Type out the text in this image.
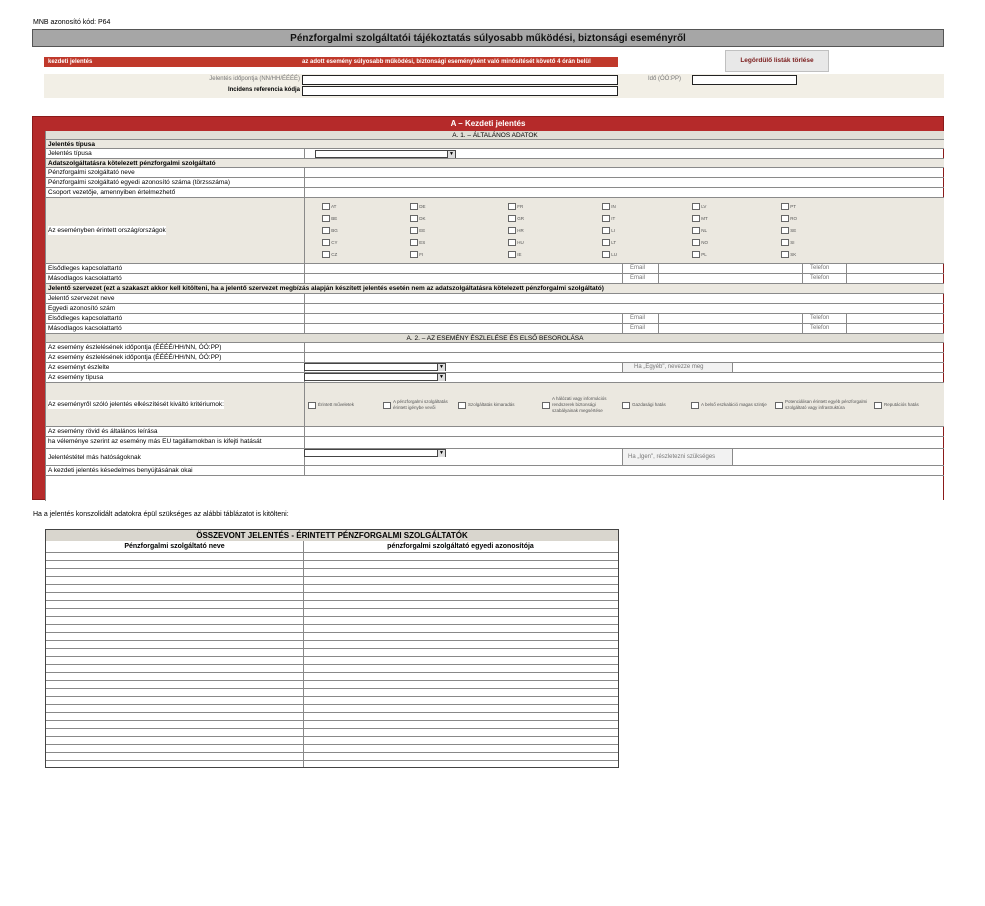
MNB azonosító kód: P64
Pénzforgalmi szolgáltatói tájékoztatás súlyosabb működési, biztonsági eseményről
kezdeti jelentés	az adott esemény súlyosabb működési, biztonsági eseményként való minősítését követő 4 órán belül	Legördülő listák törlése
Jelentés időpontja (NN/HH/ÉÉÉÉ)	Idő (ÓÓ:PP)
Incidens referencia kódja
A – Kezdeti jelentés
A. 1. – ÁLTALÁNOS ADATOK
Jelentés típusa
Jelentés típusa	▼
Adatszolgáltatásra kötelezett pénzforgalmi szolgáltató
Pénzforgalmi szolgáltató neve
Pénzforgalmi szolgáltató egyedi azonosító száma (törzsszáma)
Csoport vezetője, amennyiben értelmezhető
Az eseményben érintett ország/országok
AT	DE	FR	IN	LV	PT
BE	DK	GR	IT	MT	RO
BG	EE	HR	LI	NL	SE
CY	ES	HU	LT	NO	SI
CZ	FI	IE	LU	PL	SK
Elsődleges kapcsolattartó	Email	Telefon
Másodlagos kacsolattartó	Email	Telefon
Jelentő szervezet (ezt a szakaszt akkor kell kitölteni, ha a jelentő szervezet megbízás alapján készített jelentés esetén nem az adatszolgáltatásra kötelezett pénzforgalmi szolgáltató)
Jelentő szervezet neve
Egyedi azonosító szám
Elsődleges kapcsolattartó	Email	Telefon
Másodlagos kacsolattartó	Email	Telefon
A. 2. – AZ ESEMÉNY ÉSZLELÉSE ÉS ELSŐ BESOROLÁSA
Az esemény észlelésének időpontja (ÉÉÉÉ/HH/NN, ÓÓ:PP)
Az esemény észlelésének időpontja (ÉÉÉÉ/HH/NN, ÓÓ:PP)
Az eseményt észlelte	▼	Ha „Egyéb", nevezze meg
Az esemény típusa	▼
Az eseményről szóló jelentés elkészítését kiváltó kritériumok:	Érintett műveletek
A pénzforgalmi szolgáltatás érintett igénybe vevői
Szolgáltatás kimaradás
A hálózati vagy információs rendszerek biztonsági szabályainak megsértése
Gazdasági hatás	A belső eszkaláció magas szintje
Potenciálisan érintett egyéb pénzforgalmi szolgáltató vagy infrastruktúra
Reputációs hatás
Az esemény rövid és általános leírása
ha véleménye szerint az esemény más EU tagállamokban is kifejti hatását
Jelentéstétel más hatóságoknak
▼
Ha „Igen", részletezni szükséges
A kezdeti jelentés késedelmes benyújtásának okai
Ha a jelentés konszolidált adatokra épül szükséges az alábbi táblázatot is kitölteni:
ÖSSZEVONT JELENTÉS - ÉRINTETT PÉNZFORGALMI SZOLGÁLTATÓK
Pénzforgalmi szolgáltató neve	pénzforgalmi szolgáltató egyedi azonosítója
